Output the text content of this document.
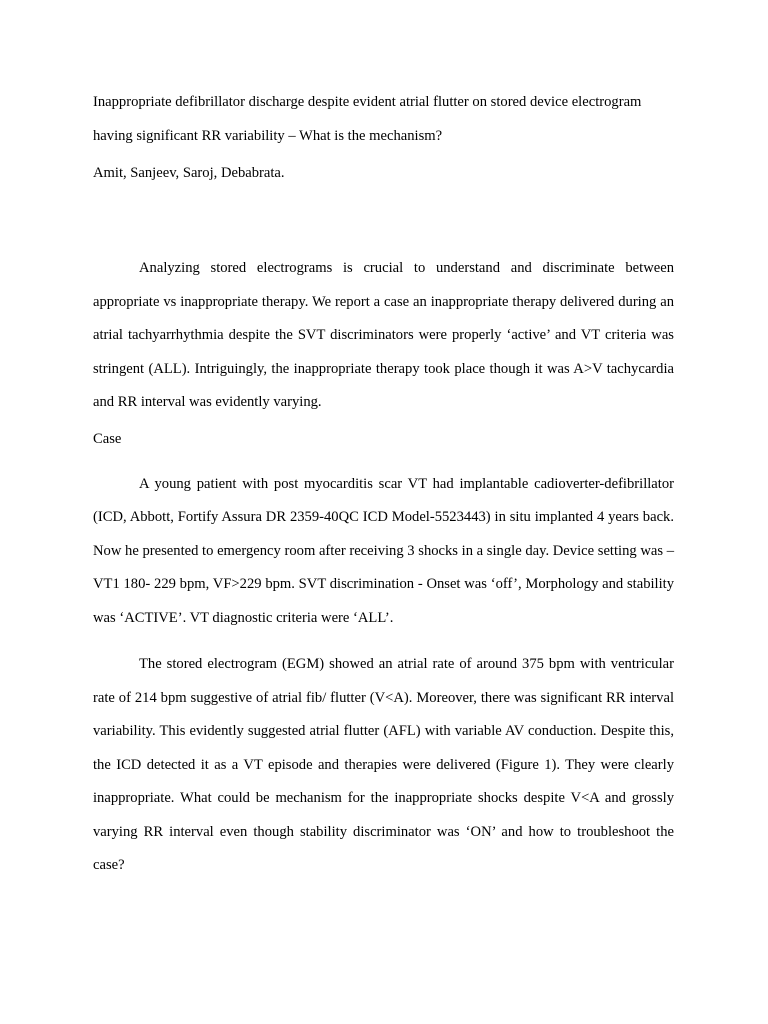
Inappropriate defibrillator discharge despite evident atrial flutter on stored device electrogram having significant RR variability – What is the mechanism?

Amit, Sanjeev, Saroj, Debabrata.

Analyzing stored electrograms is crucial to understand and discriminate between appropriate vs inappropriate therapy. We report a case an inappropriate therapy delivered during an atrial tachyarrhythmia despite the SVT discriminators were properly ‘active’ and VT criteria was stringent (ALL). Intriguingly, the inappropriate therapy took place though it was A>V tachycardia and RR interval was evidently varying.

Case

A young patient with post myocarditis scar VT had implantable cadioverter-defibrillator (ICD, Abbott, Fortify Assura DR 2359-40QC ICD Model-5523443) in situ implanted 4 years back. Now he presented to emergency room after receiving 3 shocks in a single day. Device setting was – VT1 180- 229 bpm, VF>229 bpm. SVT discrimination - Onset was ‘off’, Morphology and stability was ‘ACTIVE’. VT diagnostic criteria were ‘ALL’.

The stored electrogram (EGM) showed an atrial rate of around 375 bpm with ventricular rate of 214 bpm suggestive of atrial fib/ flutter (V<A). Moreover, there was significant RR interval variability. This evidently suggested atrial flutter (AFL) with variable AV conduction. Despite this, the ICD detected it as a VT episode and therapies were delivered (Figure 1). They were clearly inappropriate. What could be mechanism for the inappropriate shocks despite V<A and grossly varying RR interval even though stability discriminator was ‘ON’ and how to troubleshoot the case?
